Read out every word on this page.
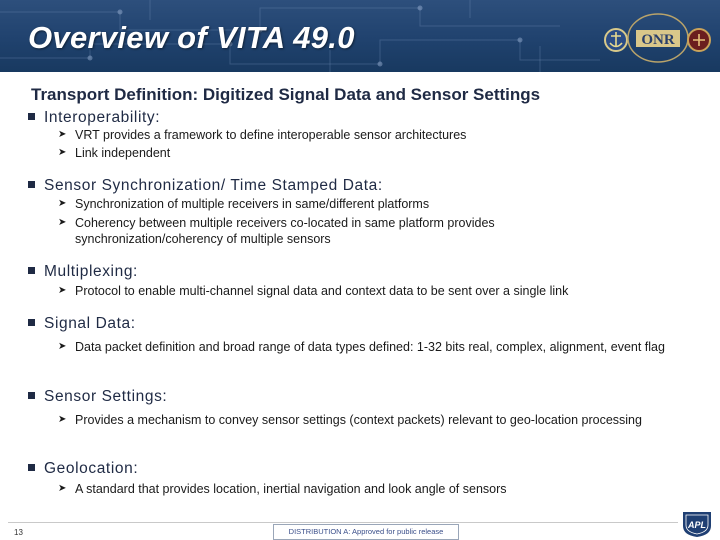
Overview of VITA 49.0	ONR
Transport Definition: Digitized Signal Data and Sensor Settings
Interoperability:
➤ VRT provides a framework to define interoperable sensor architectures
➤ Link independent
Sensor Synchronization/ Time Stamped Data:
➤ Synchronization of multiple receivers in same/different platforms
➤ Coherency between multiple receivers co-located in same platform provides synchronization/coherency of multiple sensors
Multiplexing:
➤ Protocol to enable multi-channel signal data and context data to be sent over a single link
Signal Data:
➤ Data packet definition and broad range of data types defined: 1-32 bits real, complex, alignment, event flag
Sensor Settings:
➤ Provides a mechanism to convey sensor settings (context packets) relevant to geo-location processing
Geolocation:
➤ A standard that provides location, inertial navigation and look angle of sensors
13	DISTRIBUTION A: Approved for public release
APL
